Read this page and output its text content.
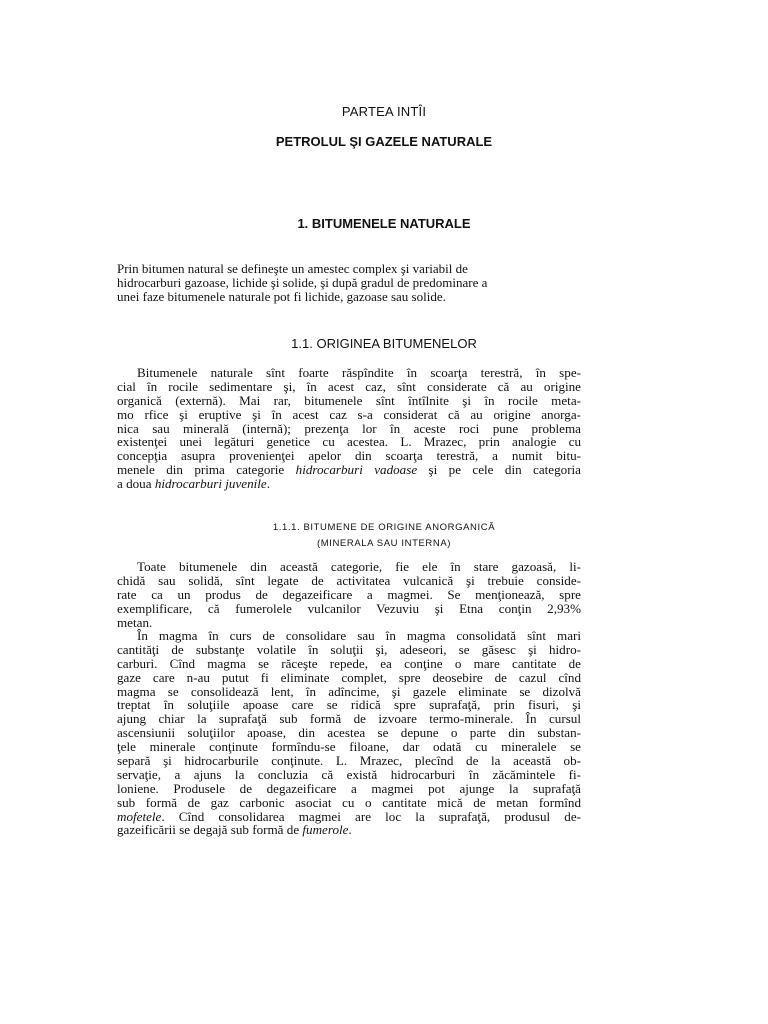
PARTEA INTÎI
PETROLUL ŞI GAZELE NATURALE
1. BITUMENELE NATURALE

Prin bitumen natural se defineşte un amestec complex şi variabil de
hidrocarburi gazoase, lichide şi solide, şi după gradul de predominare a
unei faze bitumenele naturale pot fi lichide, gazoase sau solide.

1.1. ORIGINEA BITUMENELOR

Bitumenele naturale sînt foarte răspîndite în scoarţa terestră, în spe-
cial în rocile sedimentare şi, în acest caz, sînt considerate că au origine
organică (externă). Mai rar, bitumenele sînt întîlnite şi în rocile meta-
mo rfice şi eruptive şi în acest caz s-a considerat că au origine anorga-
nica sau minerală (internă); prezenţa lor în aceste roci pune problema
existenţei unei legături genetice cu acestea. L. Mrazec, prin analogie cu
concepţia asupra provenienţei apelor din scoarţa terestră, a numit bitu-
menele din prima categorie hidrocarburi vadoase şi pe cele din categoria
a doua hidrocarburi juvenile.

1.1.1. BITUMENE DE ORIGINE ANORGANICĂ
(MINERALA SAU INTERNA)

Toate bitumenele din această categorie, fie ele în stare gazoasă, li-
chidă sau solidă, sînt legate de activitatea vulcanică şi trebuie conside-
rate ca un produs de degazeificare a magmei. Se menţionează, spre
exemplificare, că fumerolele vulcanilor Vezuviu şi Etna conţin 2,93%
metan.

În magma în curs de consolidare sau în magma consolidată sînt mari
cantităţi de substanţe volatile în soluţii şi, adeseori, se găsesc şi hidro-
carburi. Cînd magma se răceşte repede, ea conţine o mare cantitate de
gaze care n-au putut fi eliminate complet, spre deosebire de cazul cînd
magma se consolidează lent, în adîncime, şi gazele eliminate se dizolvă
treptat în soluţiile apoase care se ridică spre suprafaţă, prin fisuri, şi
ajung chiar la suprafaţă sub formă de izvoare termo-minerale. În cursul
ascensiunii soluţiilor apoase, din acestea se depune o parte din substan-
ţele minerale conţinute formîndu-se filoane, dar odată cu mineralele se
separă şi hidrocarburile conţinute. L. Mrazec, plecînd de la această ob-
servaţie, a ajuns la concluzia că există hidrocarburi în zăcămintele fi-
loniene. Produsele de degazeificare a magmei pot ajunge la suprafaţă
sub formă de gaz carbonic asociat cu o cantitate mică de metan formînd
mofetele. Cînd consolidarea magmei are loc la suprafaţă, produsul de-
gazeificării se degajă sub formă de fumerole.
